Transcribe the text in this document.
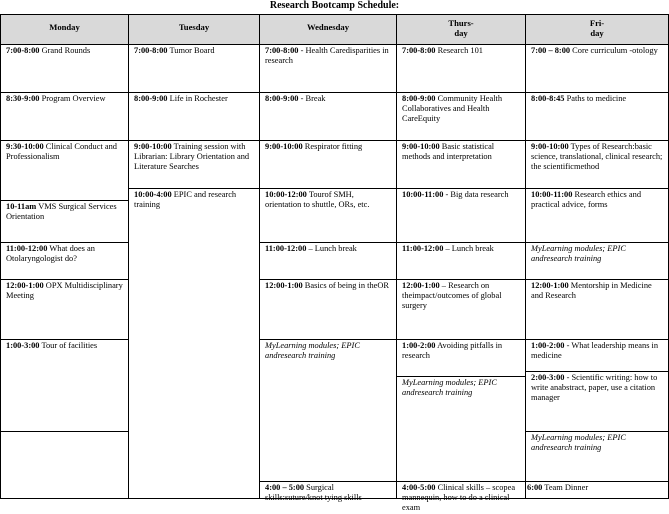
Research Bootcamp Schedule:
Monday
7:00-8:00 Grand Rounds
8:30-9:00 Program Overview
9:30-10:00 Clinical Conduct and Professionalism
10-11am VMS Surgical Services Orientation
11:00-12:00 What does an Otolaryngologist do?
12:00-1:00 OPX Multidisciplinary Meeting
1:00-3:00 Tour of facilities
Tuesday
7:00-8:00 Tumor Board
8:00-9:00 Life in Rochester
9:00-10:00 Training session with Librarian: Library Orientation and Literature Searches
10:00-4:00 EPIC and research training
Wednesday
7:00-8:00 - Health Caredisparities in research
8:00-9:00 - Break
9:00-10:00 Respirator fitting
10:00-12:00 Tourof SMH, orientation to shuttle, ORs, etc.
11:00-12:00 – Lunch break
12:00-1:00 Basics of being in theOR
MyLearning modules; EPIC andresearch training
4:00 – 5:00 Surgical skills:suture/knot tying skills
Thurs-
day
7:00-8:00 Research 101
8:00-9:00 Community Health Collaboratives and Health CareEquity
9:00-10:00 Basic statistical methods and interpretation
10:00-11:00 - Big data research
11:00-12:00 – Lunch break
12:00-1:00 – Research on theimpact/outcomes of global surgery
1:00-2:00 Avoiding pitfalls in research
MyLearning modules; EPIC andresearch training
4:00-5:00 Clinical skills – scopea mannequin, how to do a clinical exam
Fri-
day
7:00 – 8:00 Core curriculum -otology
8:00-8:45 Paths to medicine
9:00-10:00 Types of Research:basic science, translational, clinical research; the scientificmethod
10:00-11:00 Research ethics and practical advice, forms
MyLearning modules; EPIC andresearch training
12:00-1:00 Mentorship in Medicine and Research
1:00-2:00 - What leadership means in medicine
2:00-3:00 - Scientific writing: how to write anabstract, paper, use a citation manager
MyLearning modules; EPIC andresearch training
6:00 Team Dinner
